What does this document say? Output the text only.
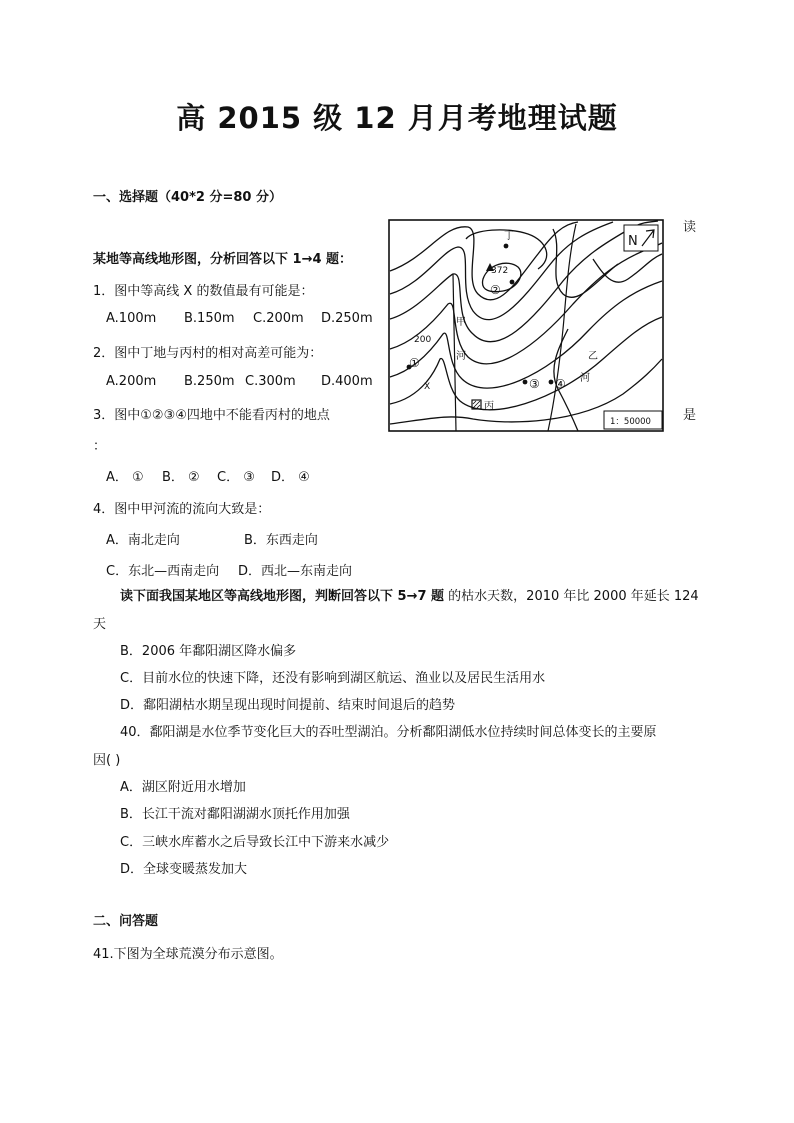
高 2015 级 12 月月考地理试题
一、选择题（40*2 分=80 分）
读
某地等高线地形图，分析回答以下 1→4 题：
1．图中等高线 X 的数值最有可能是：
A.100m B.150m C.200m D.250m
2．图中丁地与丙村的相对高差可能为：
A.200m B.250m C.300m D.400m
3．图中①②③④四地中不能看丙村的地点	是
：
A． ① B． ② C． ③ D． ④
4．图中甲河流的流向大致是：
A．南北走向	B．东西走向
C．东北—西南走向 D．西北—东南走向
读下面我国某地区等高线地形图，判断回答以下 5→7 题 的枯水天数，2010 年比 2000 年延长 124
天
B．2006 年鄱阳湖区降水偏多
C．目前水位的快速下降，还没有影响到湖区航运、渔业以及居民生活用水
D．鄱阳湖枯水期呈现出现时间提前、结束时间退后的趋势
40．鄱阳湖是水位季节变化巨大的吞吐型湖泊。分析鄱阳湖低水位持续时间总体变长的主要原
因( )
A．湖区附近用水增加
B．长江干流对鄱阳湖湖水顶托作用加强
C．三峡水库蓄水之后导致长江中下游来水减少
D．全球变暖蒸发加大
二、问答题
41.下图为全球荒漠分布示意图。
丁
372
②
①
③ ④
甲
河	乙
河
丙
200
X
N
1：50000
